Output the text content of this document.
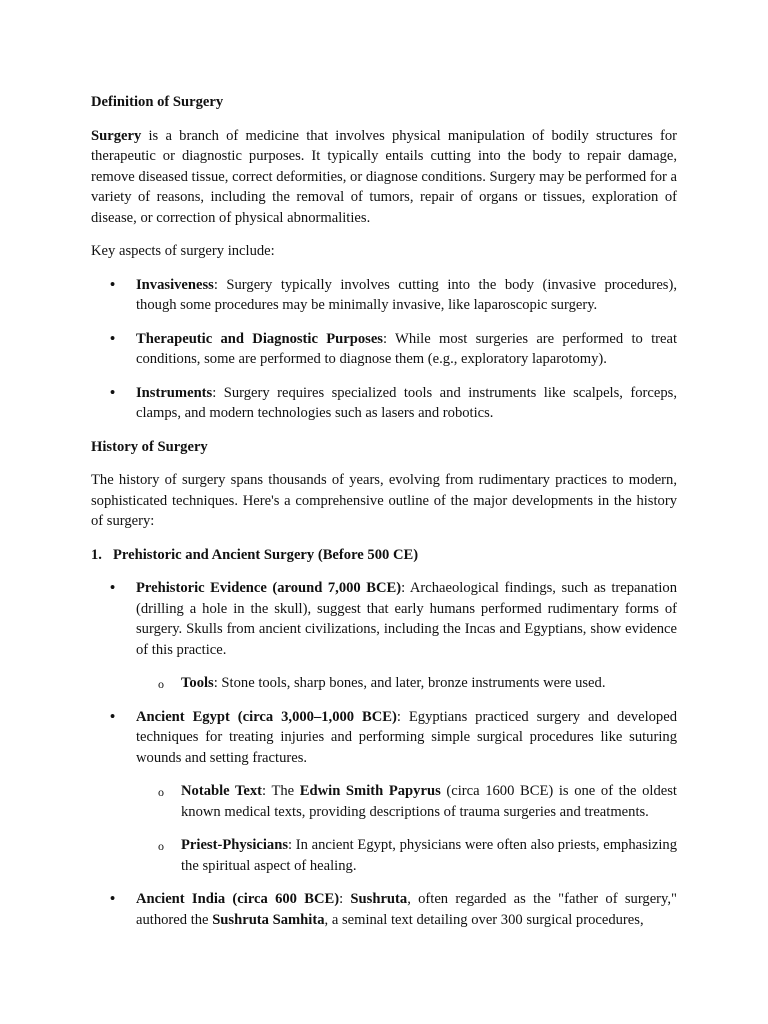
Definition of Surgery

Surgery is a branch of medicine that involves physical manipulation of bodily structures for therapeutic or diagnostic purposes. It typically entails cutting into the body to repair damage, remove diseased tissue, correct deformities, or diagnose conditions. Surgery may be performed for a variety of reasons, including the removal of tumors, repair of organs or tissues, exploration of disease, or correction of physical abnormalities.

Key aspects of surgery include:

• Invasiveness: Surgery typically involves cutting into the body (invasive procedures), though some procedures may be minimally invasive, like laparoscopic surgery.
• Therapeutic and Diagnostic Purposes: While most surgeries are performed to treat conditions, some are performed to diagnose them (e.g., exploratory laparotomy).
• Instruments: Surgery requires specialized tools and instruments like scalpels, forceps, clamps, and modern technologies such as lasers and robotics.

History of Surgery

The history of surgery spans thousands of years, evolving from rudimentary practices to modern, sophisticated techniques. Here's a comprehensive outline of the major developments in the history of surgery:

1. Prehistoric and Ancient Surgery (Before 500 CE)
• Prehistoric Evidence (around 7,000 BCE): Archaeological findings, such as trepanation (drilling a hole in the skull), suggest that early humans performed rudimentary forms of surgery. Skulls from ancient civilizations, including the Incas and Egyptians, show evidence of this practice.
o Tools: Stone tools, sharp bones, and later, bronze instruments were used.
• Ancient Egypt (circa 3,000–1,000 BCE): Egyptians practiced surgery and developed techniques for treating injuries and performing simple surgical procedures like suturing wounds and setting fractures.
o Notable Text: The Edwin Smith Papyrus (circa 1600 BCE) is one of the oldest known medical texts, providing descriptions of trauma surgeries and treatments.
o Priest-Physicians: In ancient Egypt, physicians were often also priests, emphasizing the spiritual aspect of healing.
• Ancient India (circa 600 BCE): Sushruta, often regarded as the "father of surgery," authored the Sushruta Samhita, a seminal text detailing over 300 surgical procedures,
